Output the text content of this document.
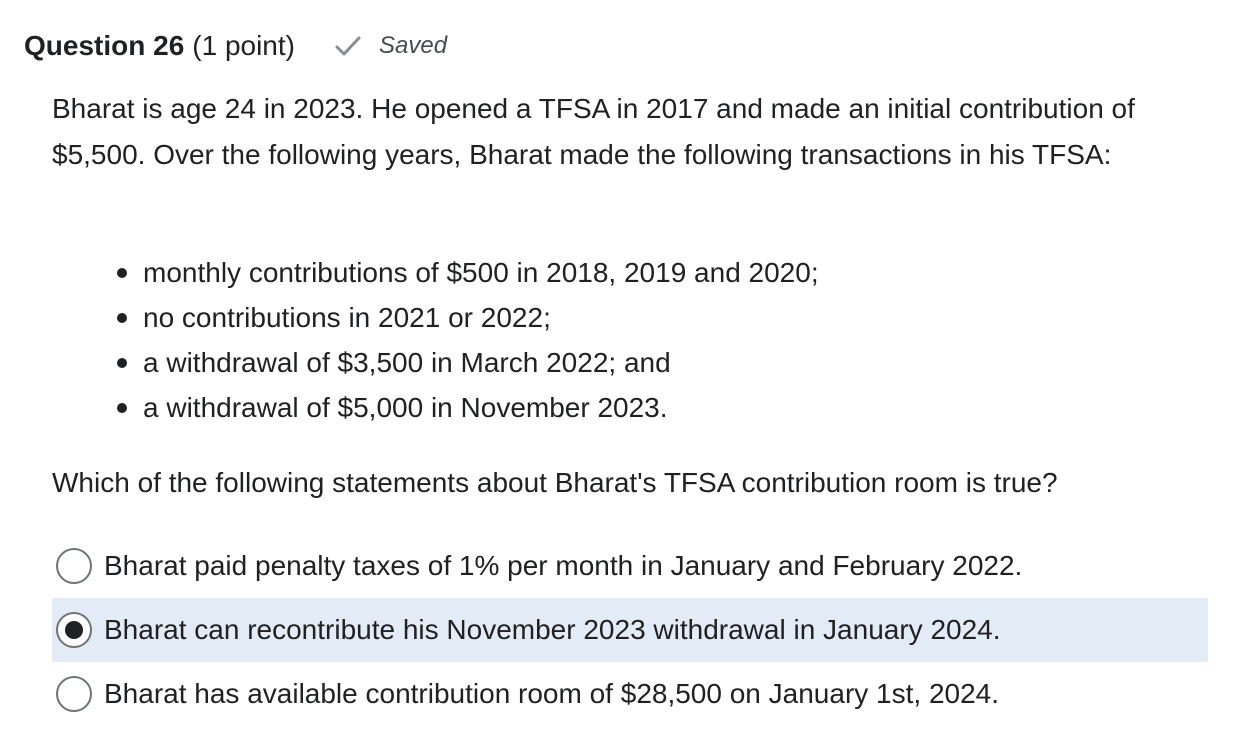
Question 26 (1 point)	Saved

Bharat is age 24 in 2023. He opened a TFSA in 2017 and made an initial contribution of $5,500. Over the following years, Bharat made the following transactions in his TFSA:

monthly contributions of $500 in 2018, 2019 and 2020;
no contributions in 2021 or 2022;
a withdrawal of $3,500 in March 2022; and
a withdrawal of $5,000 in November 2023.

Which of the following statements about Bharat's TFSA contribution room is true?

Bharat paid penalty taxes of 1% per month in January and February 2022.
Bharat can recontribute his November 2023 withdrawal in January 2024.
Bharat has available contribution room of $28,500 on January 1st, 2024.
